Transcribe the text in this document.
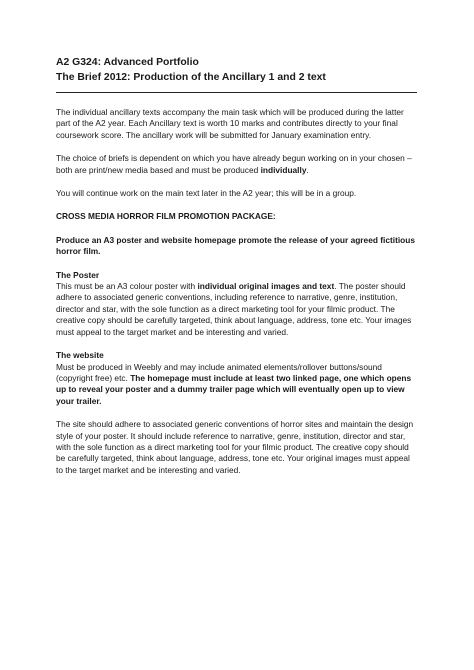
A2 G324: Advanced Portfolio
The Brief 2012: Production of the Ancillary 1 and 2 text

The individual ancillary texts accompany the main task which will be produced during the latter part of the A2 year. Each Ancillary text is worth 10 marks and contributes directly to your final coursework score. The ancillary work will be submitted for January examination entry.

The choice of briefs is dependent on which you have already begun working on in your chosen – both are print/new media based and must be produced individually.

You will continue work on the main text later in the A2 year; this will be in a group.

CROSS MEDIA HORROR FILM PROMOTION PACKAGE:

Produce an A3 poster and website homepage promote the release of your agreed fictitious horror film.

The Poster

This must be an A3 colour poster with individual original images and text. The poster should adhere to associated generic conventions, including reference to narrative, genre, institution, director and star, with the sole function as a direct marketing tool for your filmic product. The creative copy should be carefully targeted, think about language, address, tone etc. Your images must appeal to the target market and be interesting and varied.

The website

Must be produced in Weebly and may include animated elements/rollover buttons/sound (copyright free) etc. The homepage must include at least two linked page, one which opens up to reveal your poster and a dummy trailer page which will eventually open up to view your trailer.

The site should adhere to associated generic conventions of horror sites and maintain the design style of your poster. It should include reference to narrative, genre, institution, director and star, with the sole function as a direct marketing tool for your filmic product. The creative copy should be carefully targeted, think about language, address, tone etc. Your original images must appeal to the target market and be interesting and varied.
